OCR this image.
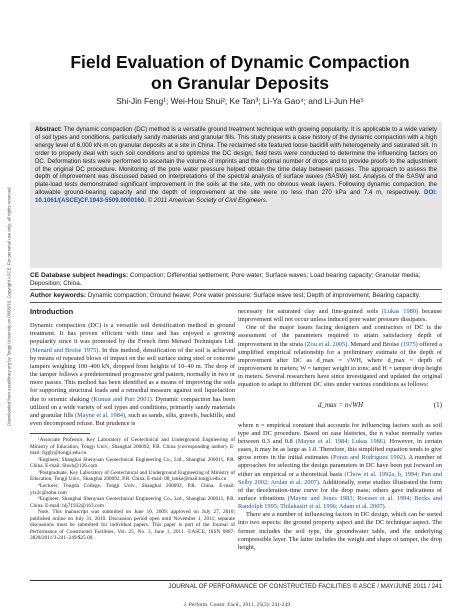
Downloaded from ascelibrary.org by Tongji University on 05/05/16. Copyright ASCE. For personal use only; all rights reserved.
Field Evaluation of Dynamic Compaction
on Granular Deposits
Shi-Jin Feng¹; Wei-Hou Shui²; Ke Tan³; Li-Ya Gao⁴; and Li-Jun He⁵
Abstract: The dynamic compaction (DC) method is a versatile ground treatment technique with growing popularity. It is applicable to a wide variety of soil types and conditions, particularly sandy materials and granular fills. This study presents a case history of the dynamic compaction with a high energy level of 6,000 kN·m on granular deposits at a site in China. The reclaimed site featured loose backfill with heterogeneity and saturated silt. In order to properly deal with such soil conditions and to optimize the DC design, field tests were conducted to determine the influencing factors on DC. Deformation tests were performed to ascertain the volume of imprints and the optimal number of drops and to provide proofs to the adjustment of the original DC procedure. Monitoring of the pore water pressure helped obtain the time delay between passes. The approach to assess the depth of improvement was discussed based on interpretations of the spectral analysis of surface waves (SASW) test. Analysis of the SASW and plate-load tests demonstrated significant improvement in the soils at the site, with no obvious weak layers. Following dynamic compaction, the allowable ground-bearing capacity and the depth of improvement at the site were no less than 270 kPa and 7.4 m, respectively. DOI: 10.1061/(ASCE)CF.1943-5509.0000160. © 2011 American Society of Civil Engineers.
CE Database subject headings: Compaction; Differential settlement; Pore water; Surface waves; Load bearing capacity; Granular media; Deposition; China.
Author keywords: Dynamic compaction; Ground heave; Pore water pressure; Surface wave test; Depth of improvement; Bearing capacity.
Introduction

Dynamic compaction (DC) is a versatile soil densification method in ground treatment. It has proven efficient with time and has enjoyed a growing popularity since it was promoted by the French firm Menard Techniques Ltd. (Menard and Broise 1975). In this method, densification of the soil is achieved by means of repeated blows of impact on the soil surface using steel or concrete tampers weighing 100–400 kN, dropped from heights of 10–40 m. The drop of the tamper follows a predetermined progressive grid pattern, normally in two or more passes. This method has been identified as a means of improving the soils for supporting structural loads and a remedial measure against soil liquefaction due to seismic shaking (Kumar and Puri 2001). Dynamic compaction has been utilized on a wide variety of soil types and conditions, primarily sandy materials and granular fills (Mayne et al. 1984), such as sands, silts, gravels, backfills, and even decomposed refuse. But prudence is

¹Associate Professor, Key Laboratory of Geotechnical and Underground Engineering of Ministry of Education, Tongji Univ., Shanghai 200092, P.R. China (corresponding author). E-mail: fsjgly@tongji.edu.cn

²Engineer, Shanghai Shenyuan Geotechnical Engineering Co., Ltd., Shanghai 200011, P.R. China. E-mail: Shwh@126.com

³Postgraduate, Key Laboratory of Geotechnical and Underground Engineering of Ministry of Education, Tongji Univ., Shanghai 200092, P.R. China. E-mail: 08_tanke@mail.tongji.edu.cn

⁴Lecturer, Tongda College, Tongji Univ., Shanghai 200092, P.R. China. E-mail: ylx2c@sohu.com

⁵Engineer, Shanghai Shenyuan Geotechnical Engineering Co., Ltd., Shanghai 200011, P.R. China. E-mail: hlj71932@163.com

Note. This manuscript was submitted on June 10, 2009; approved on July 27, 2010; published online on July 31, 2010. Discussion period open until November 1, 2011; separate discussions must be submitted for individual papers. This paper is part of the Journal of Performance of Constructed Facilities, Vol. 25, No. 3, June 1, 2011. ©ASCE, ISSN 0887-3828/2011/3-241–249/$25.00.

necessary for saturated clay and fine-grained soils (Lukas 1980) because improvement will not occur unless induced pore water pressure dissipates.

One of the major issues facing designers and contractors of DC is the assessment of the parameters required to attain satisfactory depth of improvement in the strata (Zou et al. 2005). Menard and Broise (1975) offered a simplified empirical relationship for a preliminary estimate of the depth of improvement after DC as d_max = √WH, where d_max = depth of improvement in meters; W = tamper weight in tons; and H = tamper drop height in meters. Several researchers have since investigated and updated the original equation to adapt to different DC sites under various conditions as follows:

d_max = n√WH	(1)

where n = empirical constant that accounts for influencing factors such as soil type and DC procedure. Based on case histories, the n value normally varies between 0.3 and 0.8 (Mayne et al. 1984; Lukas 1986). However, in certain cases, it may be as large as 1.0. Therefore, this simplified equation tends to give gross errors in the initial estimates (Poran and Rodriguez 1992). A number of approaches for selecting the design parameters in DC have been put forward on either an empirical or a theoretical basis (Chow et al. 1992a, b, 1994; Pan and Selby 2002; Arslan et al. 2007). Additionally, some studies illustrated the form of the deceleration-time curve for the drop mass; others gave indications of surface vibrations (Mayne and Jones 1983; Roesset et al. 1994; Becks and Randolph 1995; Thilakasiri et al. 1996; Adam et al. 2007).

There are a number of influencing factors in DC design, which can be sorted into two aspects: the ground property aspect and the DC technique aspect. The former includes the soil type, the groundwater table, and the underlying compressible layer. The latter includes the weight and shape of tamper, the drop height,

JOURNAL OF PERFORMANCE OF CONSTRUCTED FACILITIES © ASCE / MAY/JUNE 2011 / 241
J. Perform. Constr. Facil., 2011, 25(3): 241-249
